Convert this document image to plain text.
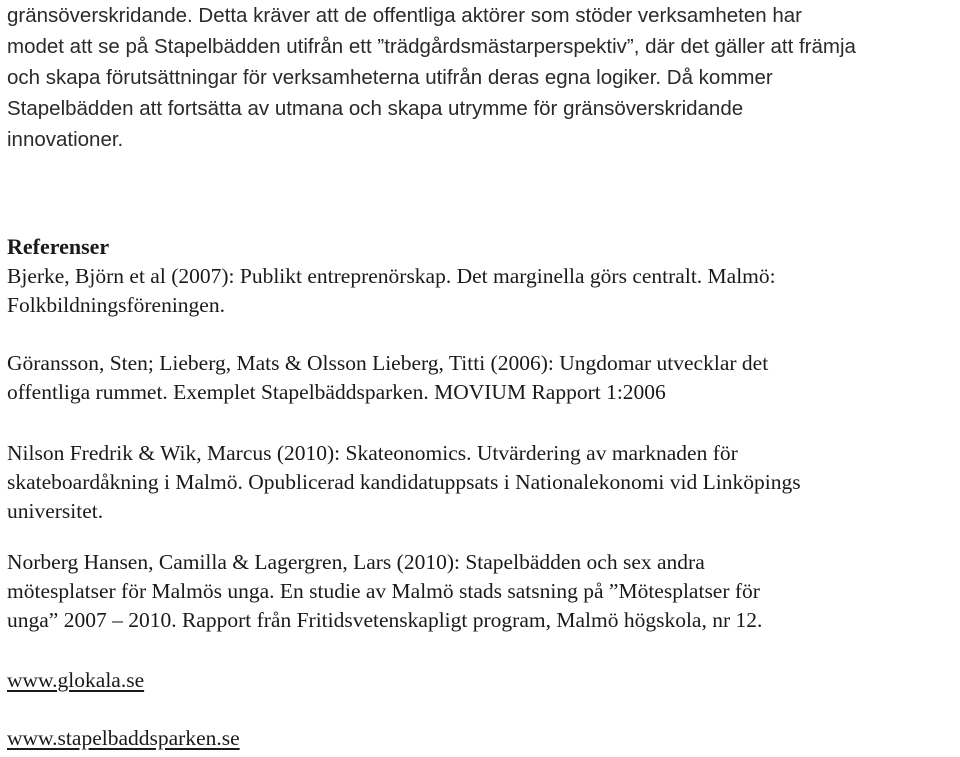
gränsöverskridande. Detta kräver att de offentliga aktörer som stöder verksamheten har
modet att se på Stapelbädden utifrån ett ”trädgårdsmästarperspektiv”, där det gäller att främja
och skapa förutsättningar för verksamheterna utifrån deras egna logiker. Då kommer
Stapelbädden att fortsätta av utmana och skapa utrymme för gränsöverskridande
innovationer.

Referenser

Bjerke, Björn et al (2007): Publikt entreprenörskap. Det marginella görs centralt. Malmö:
Folkbildningsföreningen.

Göransson, Sten; Lieberg, Mats & Olsson Lieberg, Titti (2006): Ungdomar utvecklar det
offentliga rummet. Exemplet Stapelbäddsparken. MOVIUM Rapport 1:2006

Nilson Fredrik & Wik, Marcus (2010): Skateonomics. Utvärdering av marknaden för
skateboardåkning i Malmö. Opublicerad kandidatuppsats i Nationalekonomi vid Linköpings
universitet.

Norberg Hansen, Camilla & Lagergren, Lars (2010): Stapelbädden och sex andra
mötesplatser för Malmös unga. En studie av Malmö stads satsning på ”Mötesplatser för
unga” 2007 – 2010. Rapport från Fritidsvetenskapligt program, Malmö högskola, nr 12.

www.glokala.se
www.stapelbaddsparken.se
